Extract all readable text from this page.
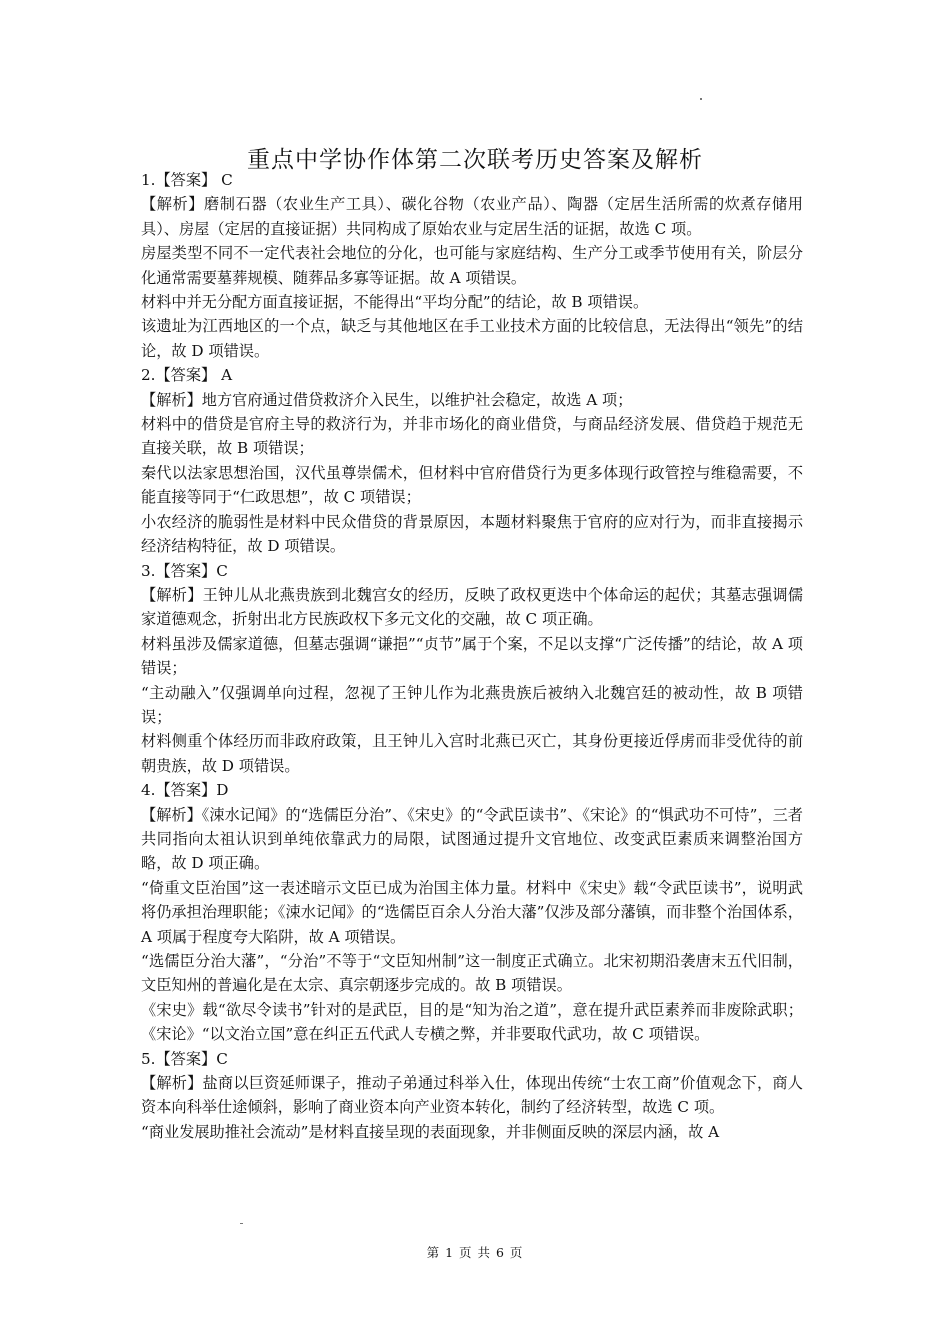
重点中学协作体第二次联考历史答案及解析

1.【答案】 C

【解析】磨制石器（农业生产工具）、碳化谷物（农业产品）、陶器（定居生活所需的炊煮存储用具）、房屋（定居的直接证据）共同构成了原始农业与定居生活的证据，故选 C 项。

房屋类型不同不一定代表社会地位的分化，也可能与家庭结构、生产分工或季节使用有关，阶层分化通常需要墓葬规模、随葬品多寡等证据。故 A 项错误。

材料中并无分配方面直接证据，不能得出“平均分配”的结论，故 B 项错误。

该遗址为江西地区的一个点，缺乏与其他地区在手工业技术方面的比较信息，无法得出“领先”的结论，故 D 项错误。

2.【答案】 A

【解析】地方官府通过借贷救济介入民生，以维护社会稳定，故选 A 项；

材料中的借贷是官府主导的救济行为，并非市场化的商业借贷，与商品经济发展、借贷趋于规范无直接关联，故 B 项错误；

秦代以法家思想治国，汉代虽尊崇儒术，但材料中官府借贷行为更多体现行政管控与维稳需要，不能直接等同于“仁政思想”，故 C 项错误；

小农经济的脆弱性是材料中民众借贷的背景原因，本题材料聚焦于官府的应对行为，而非直接揭示经济结构特征，故 D 项错误。

3.【答案】C

【解析】王钟儿从北燕贵族到北魏宫女的经历，反映了政权更迭中个体命运的起伏；其墓志强调儒家道德观念，折射出北方民族政权下多元文化的交融，故 C 项正确。

材料虽涉及儒家道德，但墓志强调“谦挹”“贞节”属于个案，不足以支撑“广泛传播”的结论，故 A 项错误；

“主动融入”仅强调单向过程，忽视了王钟儿作为北燕贵族后被纳入北魏宫廷的被动性，故 B 项错误；

材料侧重个体经历而非政府政策，且王钟儿入宫时北燕已灭亡，其身份更接近俘虏而非受优待的前朝贵族，故 D 项错误。

4.【答案】D

【解析】《涑水记闻》的“选儒臣分治”、《宋史》的“令武臣读书”、《宋论》的“惧武功不可恃”，三者共同指向太祖认识到单纯依靠武力的局限，试图通过提升文官地位、改变武臣素质来调整治国方略，故 D 项正确。

“倚重文臣治国”这一表述暗示文臣已成为治国主体力量。材料中《宋史》载“令武臣读书”，说明武将仍承担治理职能；《涑水记闻》的“选儒臣百余人分治大藩”仅涉及部分藩镇，而非整个治国体系，A 项属于程度夸大陷阱，故 A 项错误。

“选儒臣分治大藩”，“分治”不等于“文臣知州制”这一制度正式确立。北宋初期沿袭唐末五代旧制，文臣知州的普遍化是在太宗、真宗朝逐步完成的。故 B 项错误。

《宋史》载“欲尽令读书”针对的是武臣，目的是“知为治之道”，意在提升武臣素养而非废除武职；《宋论》“以文治立国”意在纠正五代武人专横之弊，并非要取代武功，故 C 项错误。

5.【答案】C

【解析】盐商以巨资延师课子，推动子弟通过科举入仕，体现出传统“士农工商”价值观念下，商人资本向科举仕途倾斜，影响了商业资本向产业资本转化，制约了经济转型，故选 C 项。

“商业发展助推社会流动”是材料直接呈现的表面现象，并非侧面反映的深层内涵，故 A

第 1 页 共 6 页
